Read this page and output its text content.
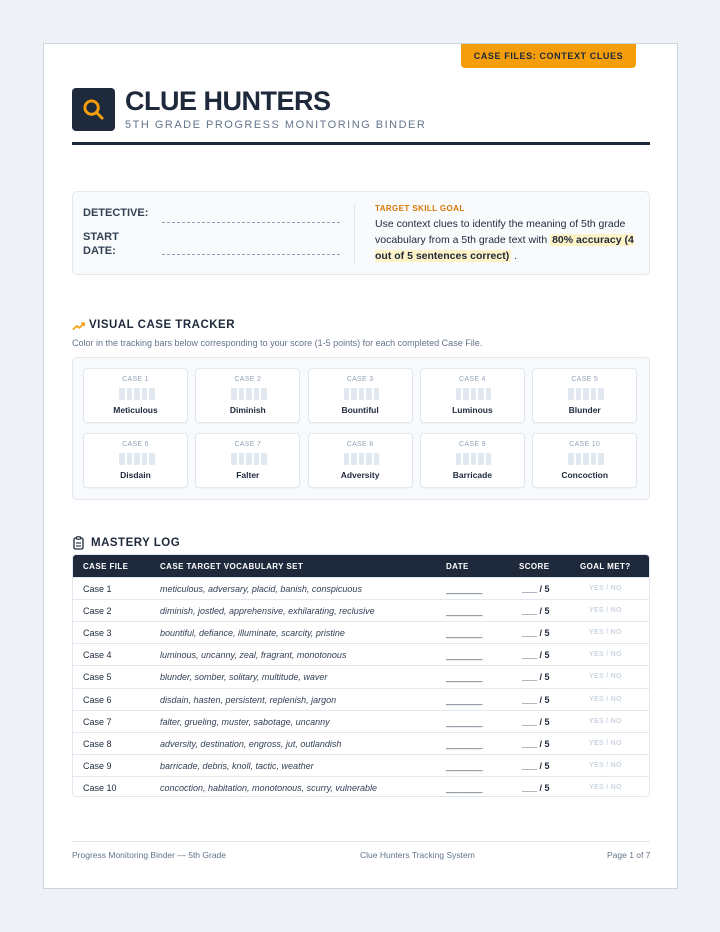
CASE FILES: CONTEXT CLUES
CLUE HUNTERS
5TH GRADE PROGRESS MONITORING BINDER
DETECTIVE:
START
DATE:
TARGET SKILL GOAL
Use context clues to identify the meaning of 5th grade vocabulary from a 5th grade text with 80% accuracy (4 out of 5 sentences correct) .
VISUAL CASE TRACKER
Color in the tracking bars below corresponding to your score (1-5 points) for each completed Case File.
CASE 1
Meticulous
CASE 2
Diminish
CASE 3
Bountiful
CASE 4
Luminous
CASE 5
Blunder
CASE 6
Disdain
CASE 7
Falter
CASE 8
Adversity
CASE 9
Barricade
CASE 10
Concoction
MASTERY LOG
CASE FILE	CASE TARGET VOCABULARY SET	DATE	SCORE	GOAL MET?
Case 1	meticulous, adversary, placid, banish, conspicuous	________	___ / 5	YES / NO
Case 2	diminish, jostled, apprehensive, exhilarating, reclusive	________	___ / 5	YES / NO
Case 3	bountiful, defiance, illuminate, scarcity, pristine	________	___ / 5	YES / NO
Case 4	luminous, uncanny, zeal, fragrant, monotonous	________	___ / 5	YES / NO
Case 5	blunder, somber, solitary, multitude, waver	________	___ / 5	YES / NO
Case 6	disdain, hasten, persistent, replenish, jargon	________	___ / 5	YES / NO
Case 7	falter, grueling, muster, sabotage, uncanny	________	___ / 5	YES / NO
Case 8	adversity, destination, engross, jut, outlandish	________	___ / 5	YES / NO
Case 9	barricade, debris, knoll, tactic, weather	________	___ / 5	YES / NO
Case 10	concoction, habitation, monotonous, scurry, vulnerable	________	___ / 5	YES / NO
Progress Monitoring Binder — 5th Grade	Clue Hunters Tracking System	Page 1 of 7
